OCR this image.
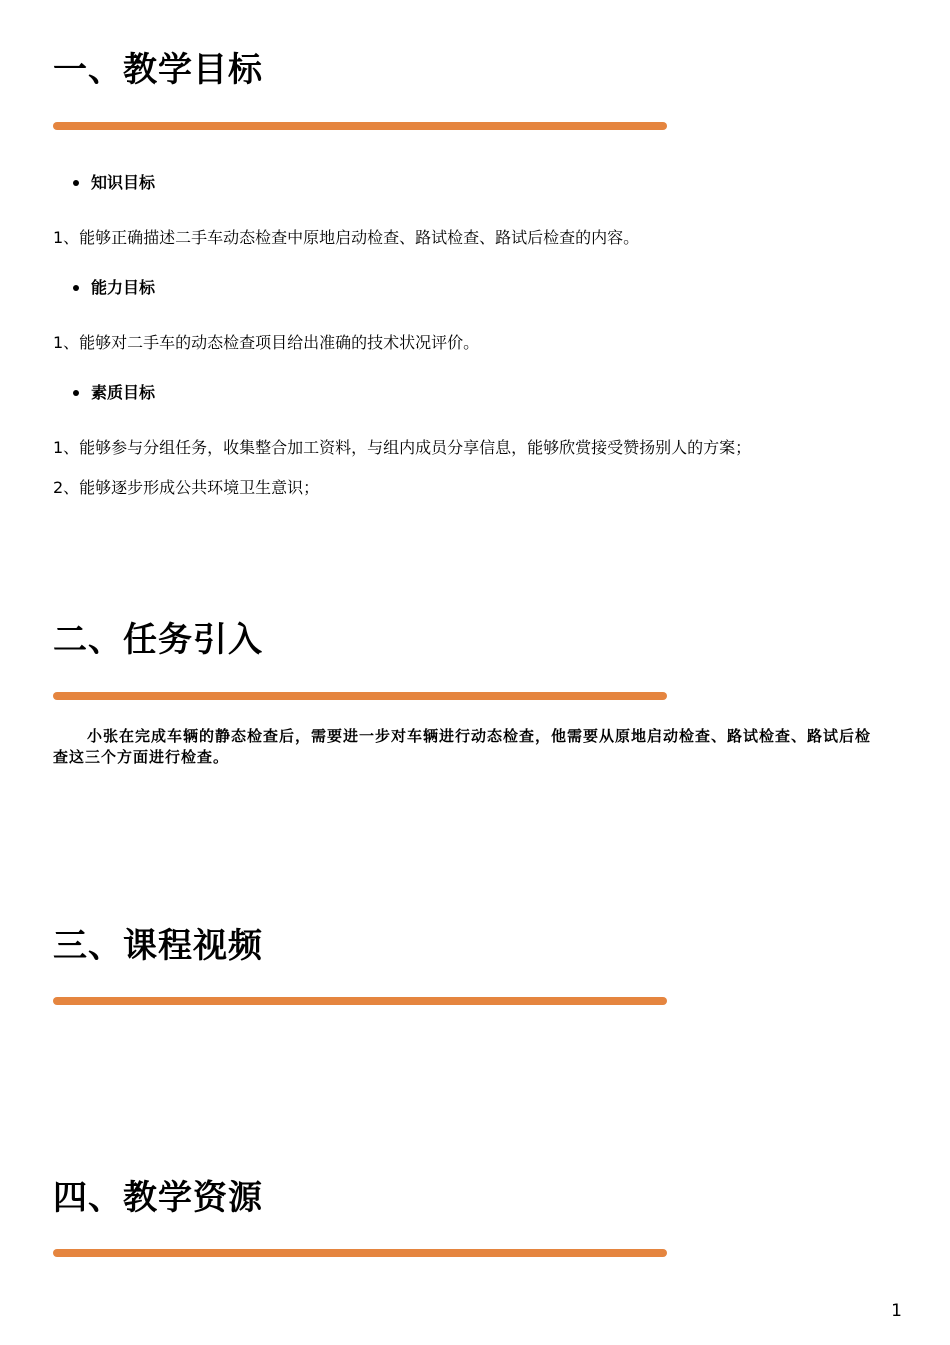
一、教学目标
知识目标

1、能够正确描述二手车动态检查中原地启动检查、路试检查、路试后检查的内容。

能力目标

1、能够对二手车的动态检查项目给出准确的技术状况评价。

素质目标

1、能够参与分组任务，收集整合加工资料，与组内成员分享信息，能够欣赏接受赞扬别人的方案；

2、能够逐步形成公共环境卫生意识；

二、任务引入

小张在完成车辆的静态检查后，需要进一步对车辆进行动态检查，他需要从原地启动检查、路试检查、路试后检查这三个方面进行检查。

三、课程视频
四、教学资源
1
